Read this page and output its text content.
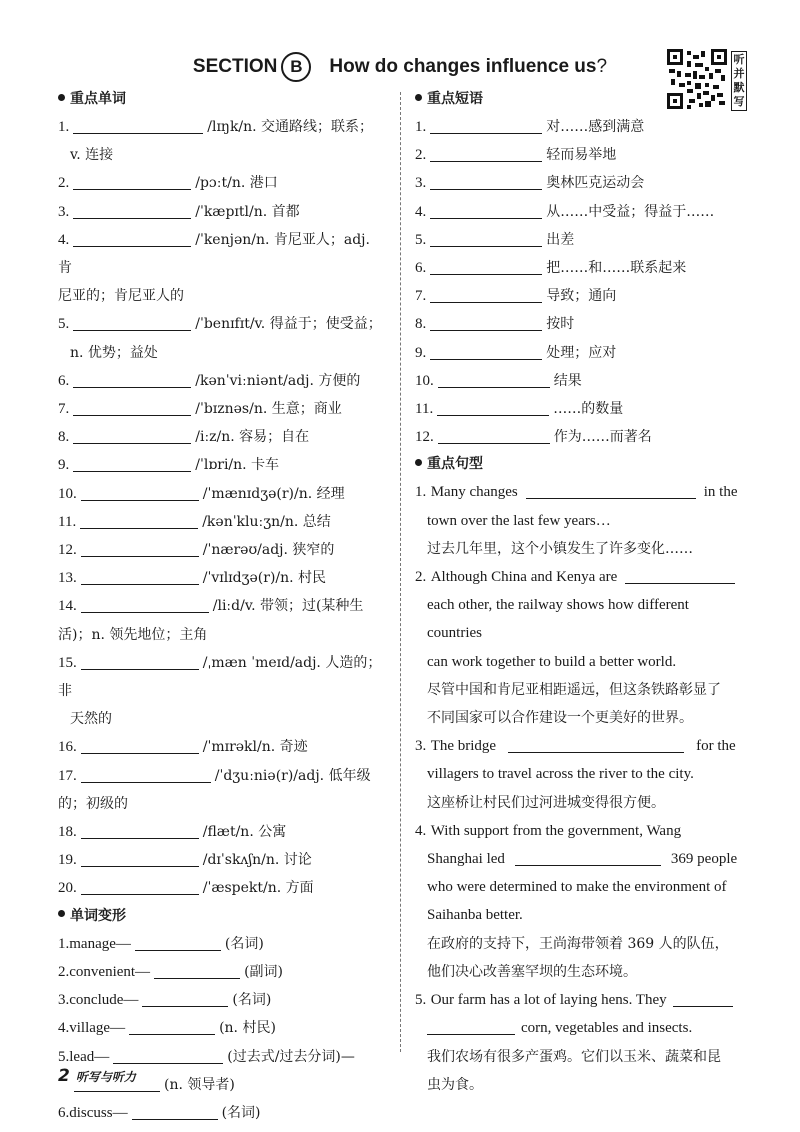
SECTION B How do changes influence us?	听并默写
重点单词
1.	/lɪŋk/n. 交通路线；联系；
v. 连接
2.	/pɔːt/n. 港口
3.	/ˈkæpɪtl/n. 首都
4.	/ˈkenjən/n. 肯尼亚人；adj. 肯
尼亚的；肯尼亚人的
5.	/ˈbenɪfɪt/v. 得益于；使受益；
n. 优势；益处
6.	/kənˈviːniənt/adj. 方便的
7.	/ˈbɪznəs/n. 生意；商业
8.	/iːz/n. 容易；自在
9.	/ˈlɒri/n. 卡车
10.	/ˈmænɪdʒə(r)/n. 经理
11.	/kənˈkluːʒn/n. 总结
12.	/ˈnærəʊ/adj. 狭窄的
13.	/ˈvɪlɪdʒə(r)/n. 村民
14.	/liːd/v. 带领；过(某种生
活)；n. 领先地位；主角
15.	/ˌmæn ˈmeɪd/adj. 人造的；非
天然的
16.	/ˈmɪrəkl/n. 奇迹
17.	/ˈdʒuːniə(r)/adj. 低年级
的；初级的
18.	/flæt/n. 公寓
19.	/dɪˈskʌʃn/n. 讨论
20.	/ˈæspekt/n. 方面
单词变形
1.manage—	(名词)
2.convenient—	(副词)
3.conclude—	(名词)
4.village—	(n. 村民)
5.lead—	(过去式/过去分词)—
(n. 领导者)
6.discuss—	(名词)
重点短语
1.	对……感到满意
2.	轻而易举地
3.	奥林匹克运动会
4.	从……中受益；得益于……
5.	出差
6.	把……和……联系起来
7.	导致；通向
8.	按时
9.	处理；应对
10.	结果
11.	……的数量
12.	作为……而著名
重点句型
1. Many changes	in the
town over the last few years…
过去几年里，这个小镇发生了许多变化……
2. Although China and Kenya are
each other, the railway shows how different countries
can work together to build a better world.
尽管中国和肯尼亚相距遥远，但这条铁路彰显了
不同国家可以合作建设一个更美好的世界。
3. The bridge	for the
villagers to travel across the river to the city.
这座桥让村民们过河进城变得很方便。
4. With support from the government, Wang
Shanghai led	369 people
who were determined to make the environment of
Saihanba better.
在政府的支持下，王尚海带领着 369 人的队伍，
他们决心改善塞罕坝的生态环境。
5. Our farm has a lot of laying hens. They
corn, vegetables and insects.
我们农场有很多产蛋鸡。它们以玉米、蔬菜和昆
虫为食。
2 听写与听力
